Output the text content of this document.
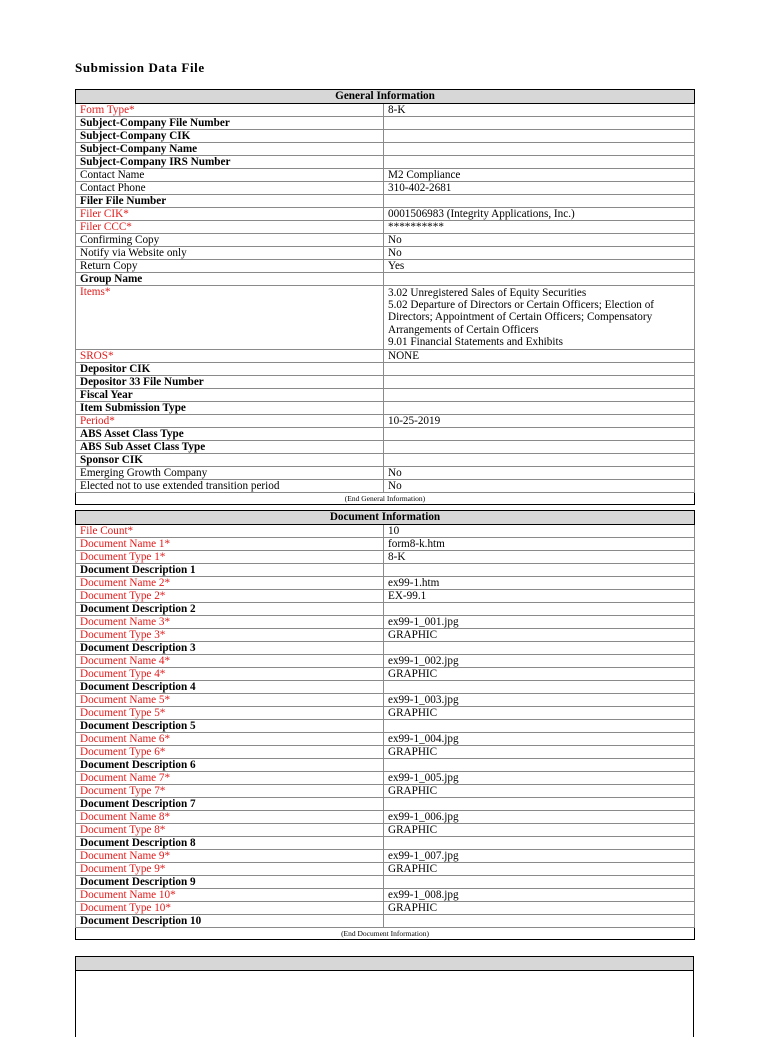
Submission Data File
General Information	
Form Type*	8-K
Subject-Company File Number	
Subject-Company CIK	
Subject-Company Name	
Subject-Company IRS Number	
Contact Name	M2 Compliance
Contact Phone	310-402-2681
Filer File Number	
Filer CIK*	0001506983 (Integrity Applications, Inc.)
Filer CCC*	**********
Confirming Copy	No
Notify via Website only	No
Return Copy	Yes
Group Name	
Items*	3.02 Unregistered Sales of Equity Securities
5.02 Departure of Directors or Certain Officers; Election of Directors; Appointment of Certain Officers; Compensatory Arrangements of Certain Officers
9.01 Financial Statements and Exhibits
SROS*	NONE
Depositor CIK	
Depositor 33 File Number	
Fiscal Year	
Item Submission Type	
Period*	10-25-2019
ABS Asset Class Type	
ABS Sub Asset Class Type	
Sponsor CIK	
Emerging Growth Company	No
Elected not to use extended transition period	No
(End General Information)	
Document Information	
File Count*	10
Document Name 1*	form8-k.htm
Document Type 1*	8-K
Document Description 1	
Document Name 2*	ex99-1.htm
Document Type 2*	EX-99.1
Document Description 2	
Document Name 3*	ex99-1_001.jpg
Document Type 3*	GRAPHIC
Document Description 3	
Document Name 4*	ex99-1_002.jpg
Document Type 4*	GRAPHIC
Document Description 4	
Document Name 5*	ex99-1_003.jpg
Document Type 5*	GRAPHIC
Document Description 5	
Document Name 6*	ex99-1_004.jpg
Document Type 6*	GRAPHIC
Document Description 6	
Document Name 7*	ex99-1_005.jpg
Document Type 7*	GRAPHIC
Document Description 7	
Document Name 8*	ex99-1_006.jpg
Document Type 8*	GRAPHIC
Document Description 8	
Document Name 9*	ex99-1_007.jpg
Document Type 9*	GRAPHIC
Document Description 9	
Document Name 10*	ex99-1_008.jpg
Document Type 10*	GRAPHIC
Document Description 10	
(End Document Information)	
